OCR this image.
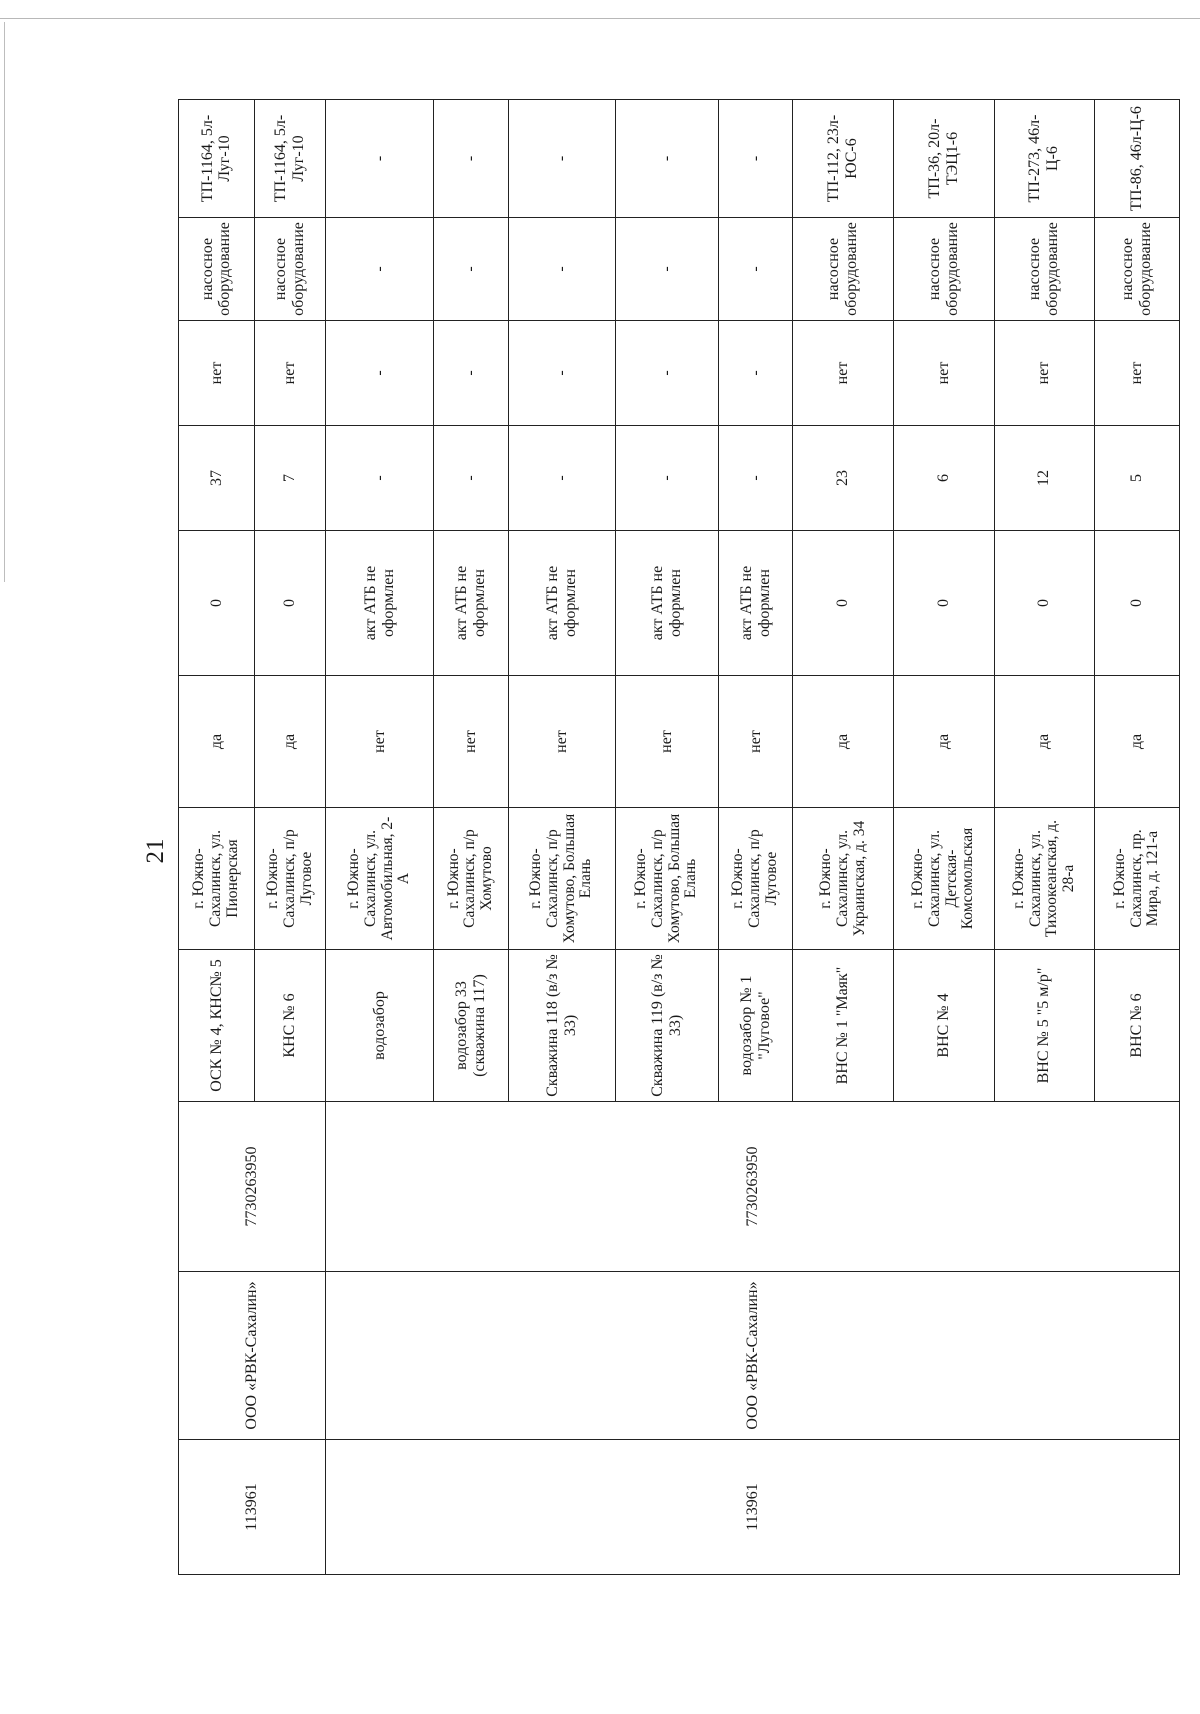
21
113961	ООО «РВК-Сахалин»	7730263950	ОСК № 4, КНС№ 5	г. Южно-Сахалинск, ул. Пионерская	да	0	37	нет	насосное оборудование	ТП-1164, 5л-Луг-10
			КНС № 6	г. Южно-Сахалинск, п/р Луговое	да	0	7	нет	насосное оборудование	ТП-1164, 5л-Луг-10
113961	ООО «РВК-Сахалин»	7730263950	водозабор	г. Южно-Сахалинск, ул. Автомобильная, 2-А	нет	акт АТБ не оформлен	-	-	-	-
			водозабор 33 (скважина 117)	г. Южно-Сахалинск, п/р Хомутово	нет	акт АТБ не оформлен	-	-	-	-
			Скважина 118 (в/з № 33)	г. Южно-Сахалинск, п/р Хомутово, Большая Елань	нет	акт АТБ не оформлен	-	-	-	-
			Скважина 119 (в/з № 33)	г. Южно-Сахалинск, п/р Хомутово, Большая Елань	нет	акт АТБ не оформлен	-	-	-	-
			водозабор № 1 "Луговое"	г. Южно-Сахалинск, п/р Луговое	нет	акт АТБ не оформлен	-	-	-	-
			ВНС № 1 "Маяк"	г. Южно-Сахалинск, ул. Украинская, д. 34	да	0	23	нет	насосное оборудование	ТП-112, 23л-ЮС-6
			ВНС № 4	г. Южно-Сахалинск, ул. Детская-Комсомольская	да	0	6	нет	насосное оборудование	ТП-36, 20л-ТЭЦ1-6
			ВНС № 5 "5 м/р"	г. Южно-Сахалинск, ул. Тихоокеанская, д. 28-а	да	0	12	нет	насосное оборудование	ТП-273, 46л-Ц-6
			ВНС № 6	г. Южно-Сахалинск, пр. Мира, д. 121-а	да	0	5	нет	насосное оборудование	ТП-86, 46л-Ц-6
